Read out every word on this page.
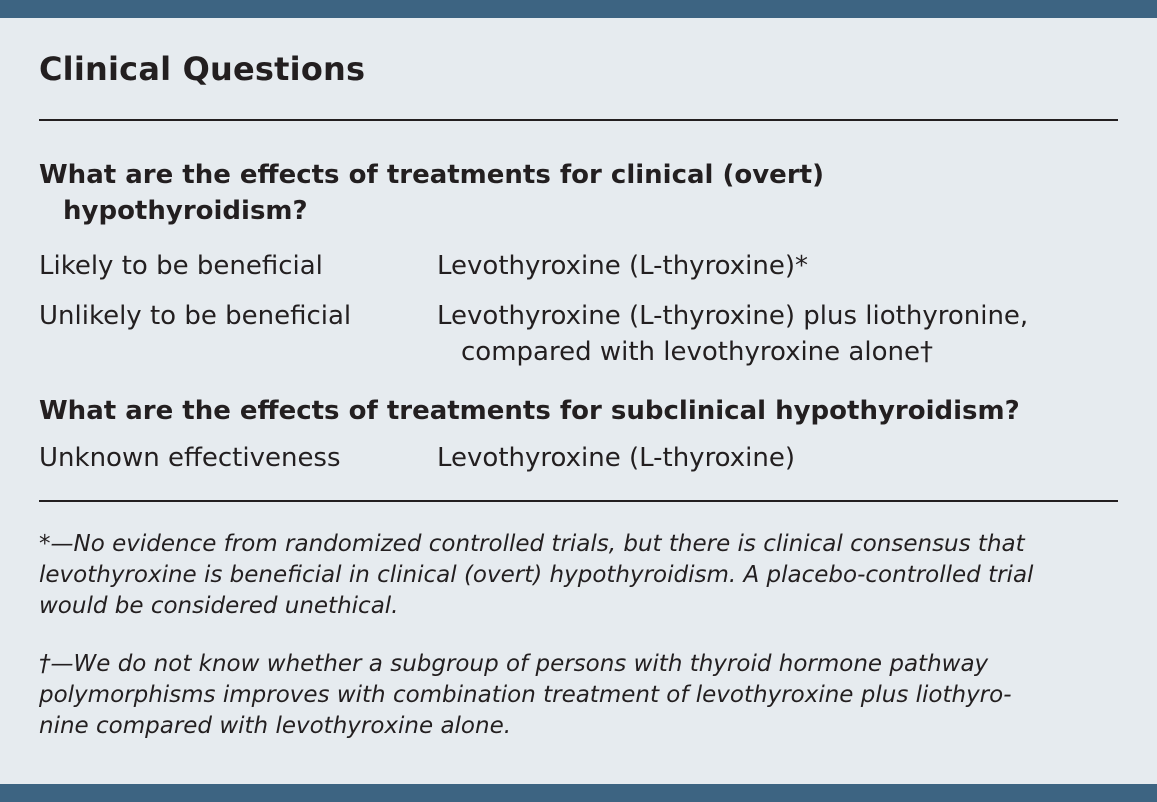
Clinical Questions
What are the effects of treatments for clinical (overt)
hypothyroidism?
Likely to be beneficial	Levothyroxine (L-thyroxine)*
Unlikely to be beneficial	Levothyroxine (L-thyroxine) plus liothyronine,
compared with levothyroxine alone†
What are the effects of treatments for subclinical hypothyroidism?
Unknown effectiveness	Levothyroxine (L-thyroxine)

*—No evidence from randomized controlled trials, but there is clinical consensus that
levothyroxine is beneficial in clinical (overt) hypothyroidism. A placebo-controlled trial
would be considered unethical.

†—We do not know whether a subgroup of persons with thyroid hormone pathway
polymorphisms improves with combination treatment of levothyroxine plus liothyro-
nine compared with levothyroxine alone.
